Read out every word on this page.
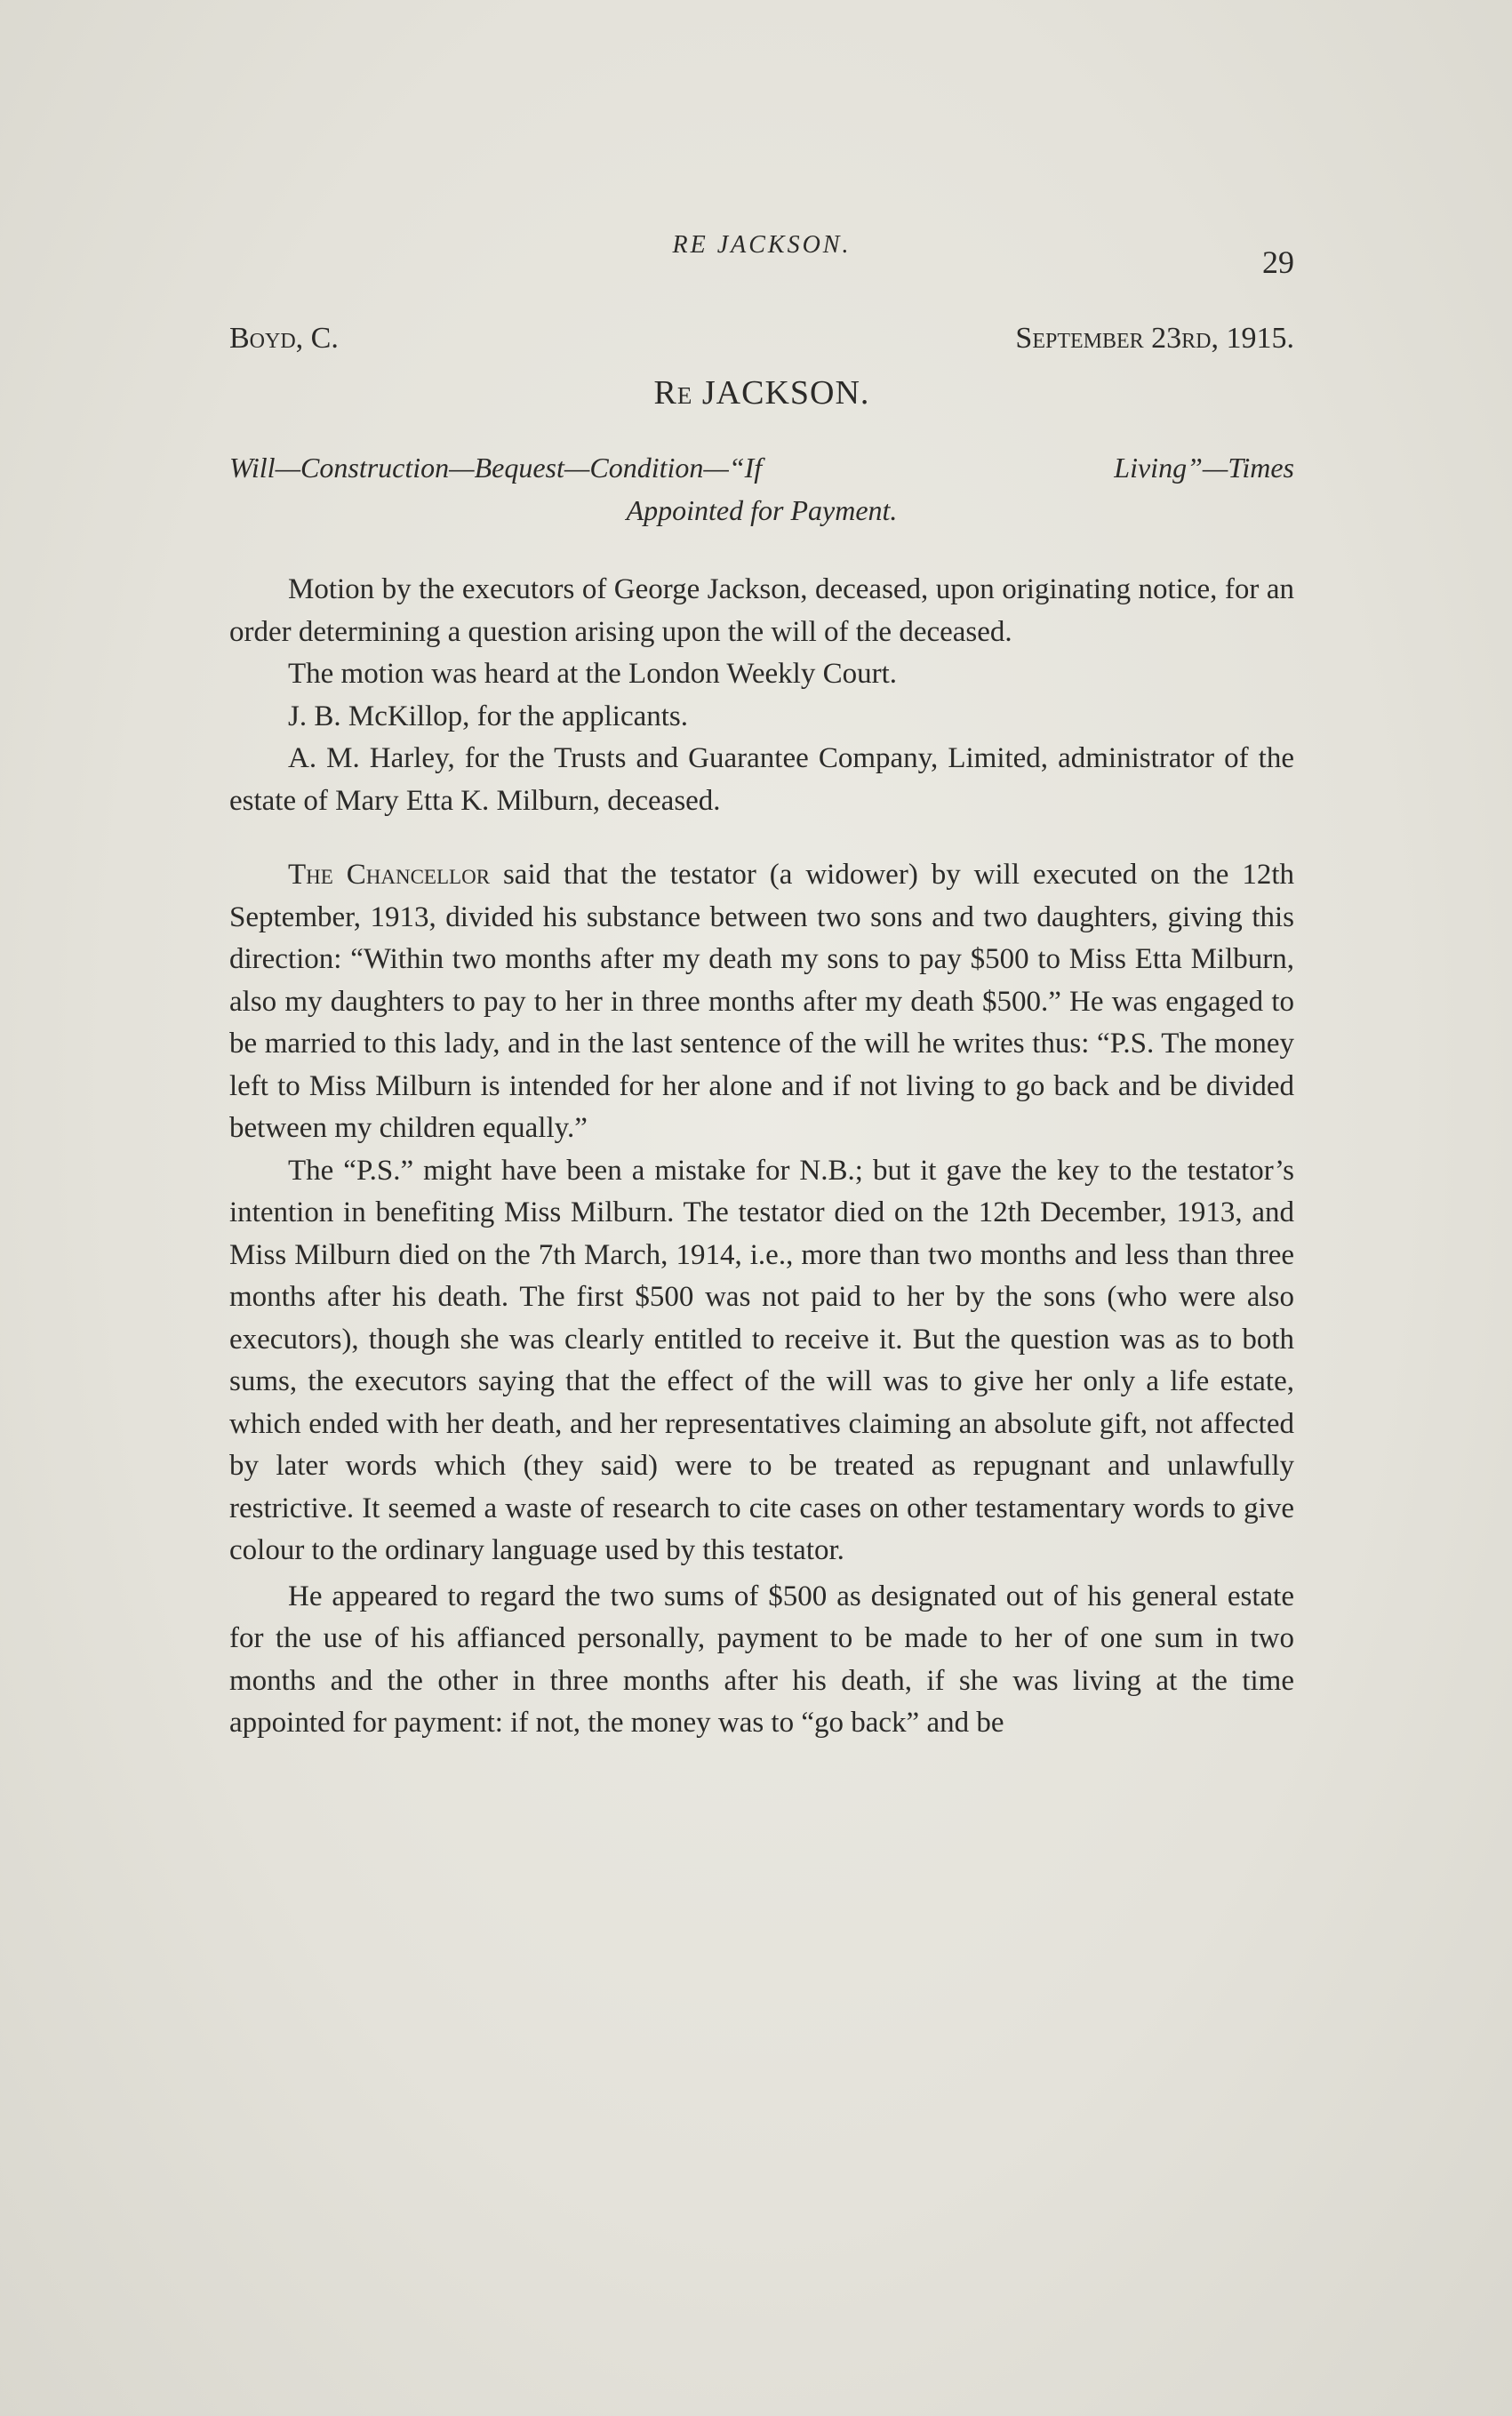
RE JACKSON.	29
Boyd, C.	September 23rd, 1915.
Re JACKSON.
Will—Construction—Bequest—Condition—“If Living”—Times
Appointed for Payment.

Motion by the executors of George Jackson, deceased, upon originating notice, for an order determining a question arising upon the will of the deceased.

The motion was heard at the London Weekly Court.

J. B. McKillop, for the applicants.

A. M. Harley, for the Trusts and Guarantee Company, Limited, administrator of the estate of Mary Etta K. Milburn, deceased.

The Chancellor said that the testator (a widower) by will executed on the 12th September, 1913, divided his substance between two sons and two daughters, giving this direction: “Within two months after my death my sons to pay $500 to Miss Etta Milburn, also my daughters to pay to her in three months after my death $500.” He was engaged to be married to this lady, and in the last sentence of the will he writes thus: “P.S. The money left to Miss Milburn is intended for her alone and if not living to go back and be divided between my children equally.”

The “P.S.” might have been a mistake for N.B.; but it gave the key to the testator’s intention in benefiting Miss Milburn. The testator died on the 12th December, 1913, and Miss Milburn died on the 7th March, 1914, i.e., more than two months and less than three months after his death. The first $500 was not paid to her by the sons (who were also executors), though she was clearly entitled to receive it. But the question was as to both sums, the executors saying that the effect of the will was to give her only a life estate, which ended with her death, and her representatives claiming an absolute gift, not affected by later words which (they said) were to be treated as repugnant and unlawfully restrictive. It seemed a waste of research to cite cases on other testamentary words to give colour to the ordinary language used by this testator.

He appeared to regard the two sums of $500 as designated out of his general estate for the use of his affianced personally, payment to be made to her of one sum in two months and the other in three months after his death, if she was living at the time appointed for payment: if not, the money was to “go back” and be
